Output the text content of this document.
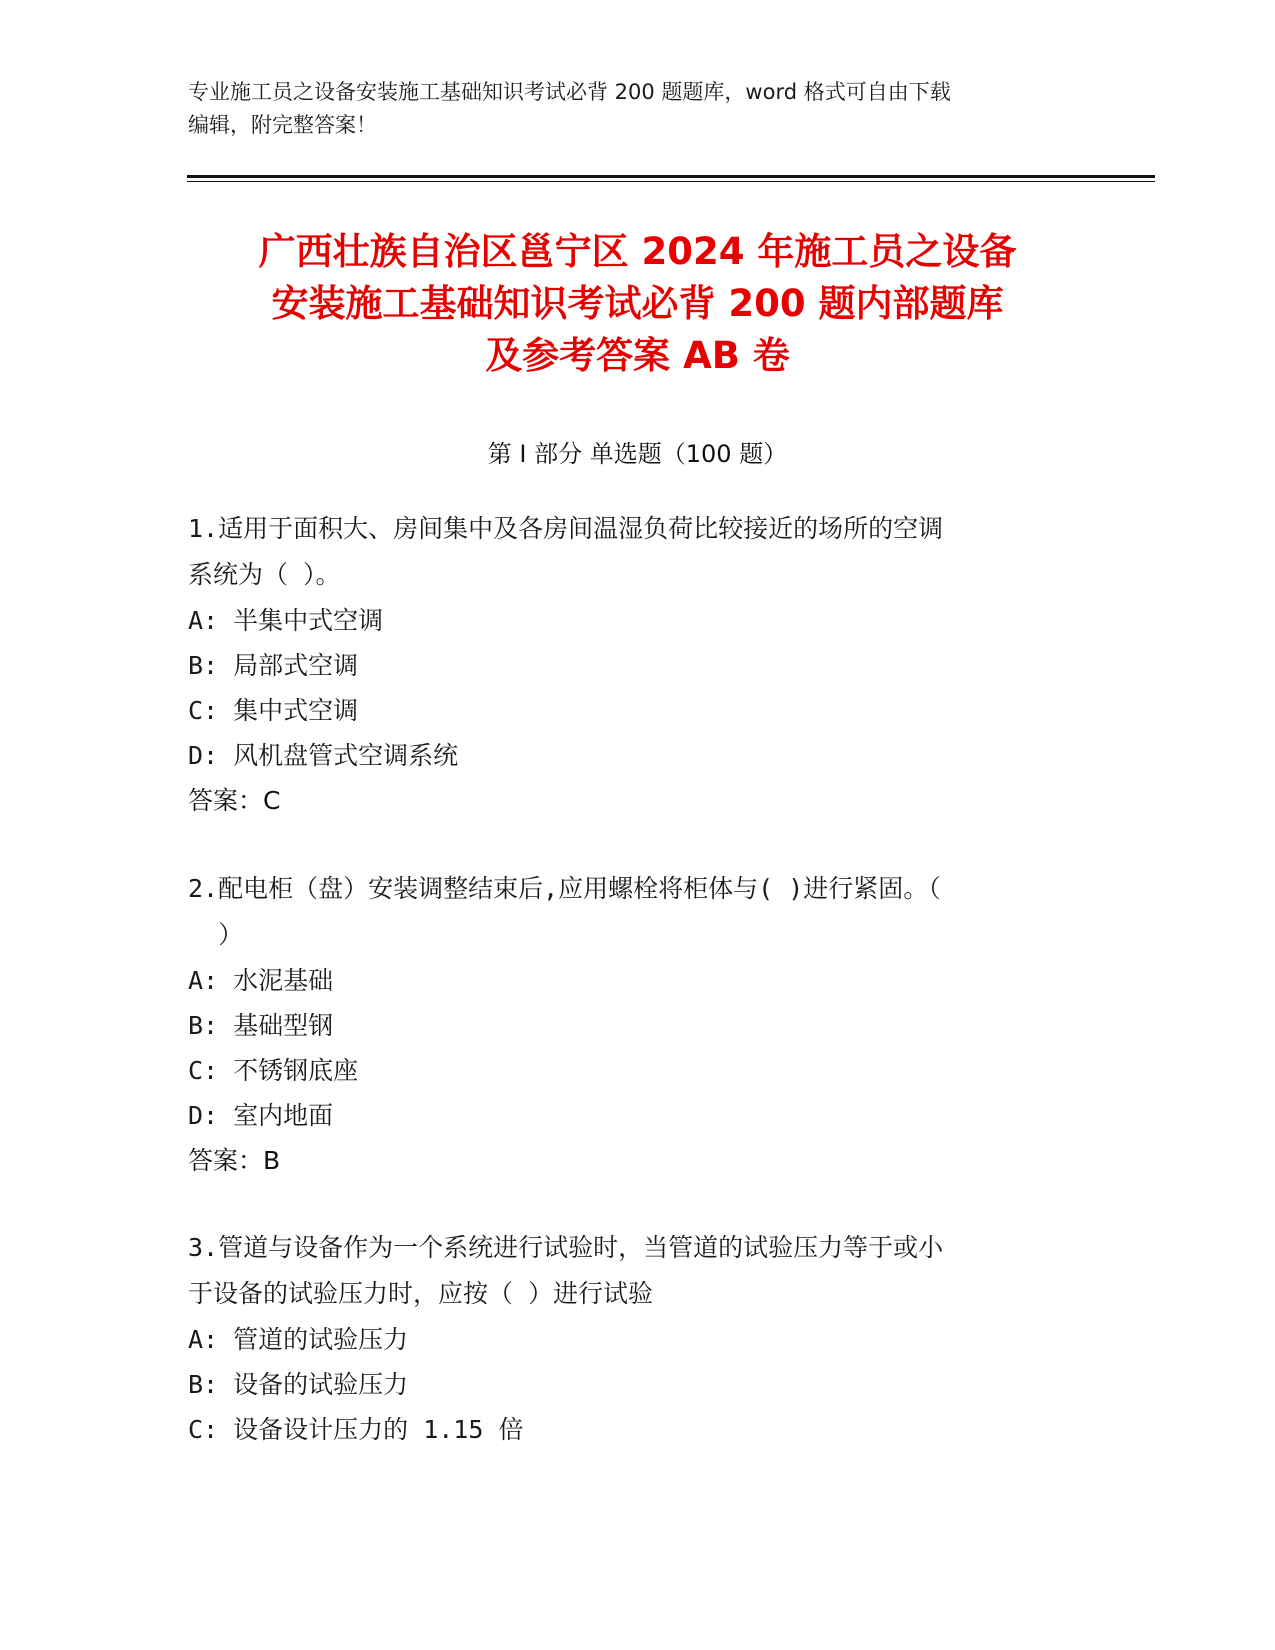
专业施工员之设备安装施工基础知识考试必背 200 题题库，word 格式可自由下载
编辑，附完整答案！
广西壮族自治区邕宁区 2024 年施工员之设备
安装施工基础知识考试必背 200 题内部题库
及参考答案 AB 卷
第 I 部分 单选题（100 题）
1.适用于面积大、房间集中及各房间温湿负荷比较接近的场所的空调
系统为（ ）。
A: 半集中式空调
B: 局部式空调
C: 集中式空调
D: 风机盘管式空调系统
答案：C
2.配电柜（盘）安装调整结束后,应用螺栓将柜体与( )进行紧固。（
）
A: 水泥基础
B: 基础型钢
C: 不锈钢底座
D: 室内地面
答案：B
3.管道与设备作为一个系统进行试验时，当管道的试验压力等于或小
于设备的试验压力时，应按（ ）进行试验
A: 管道的试验压力
B: 设备的试验压力
C: 设备设计压力的 1.15 倍
